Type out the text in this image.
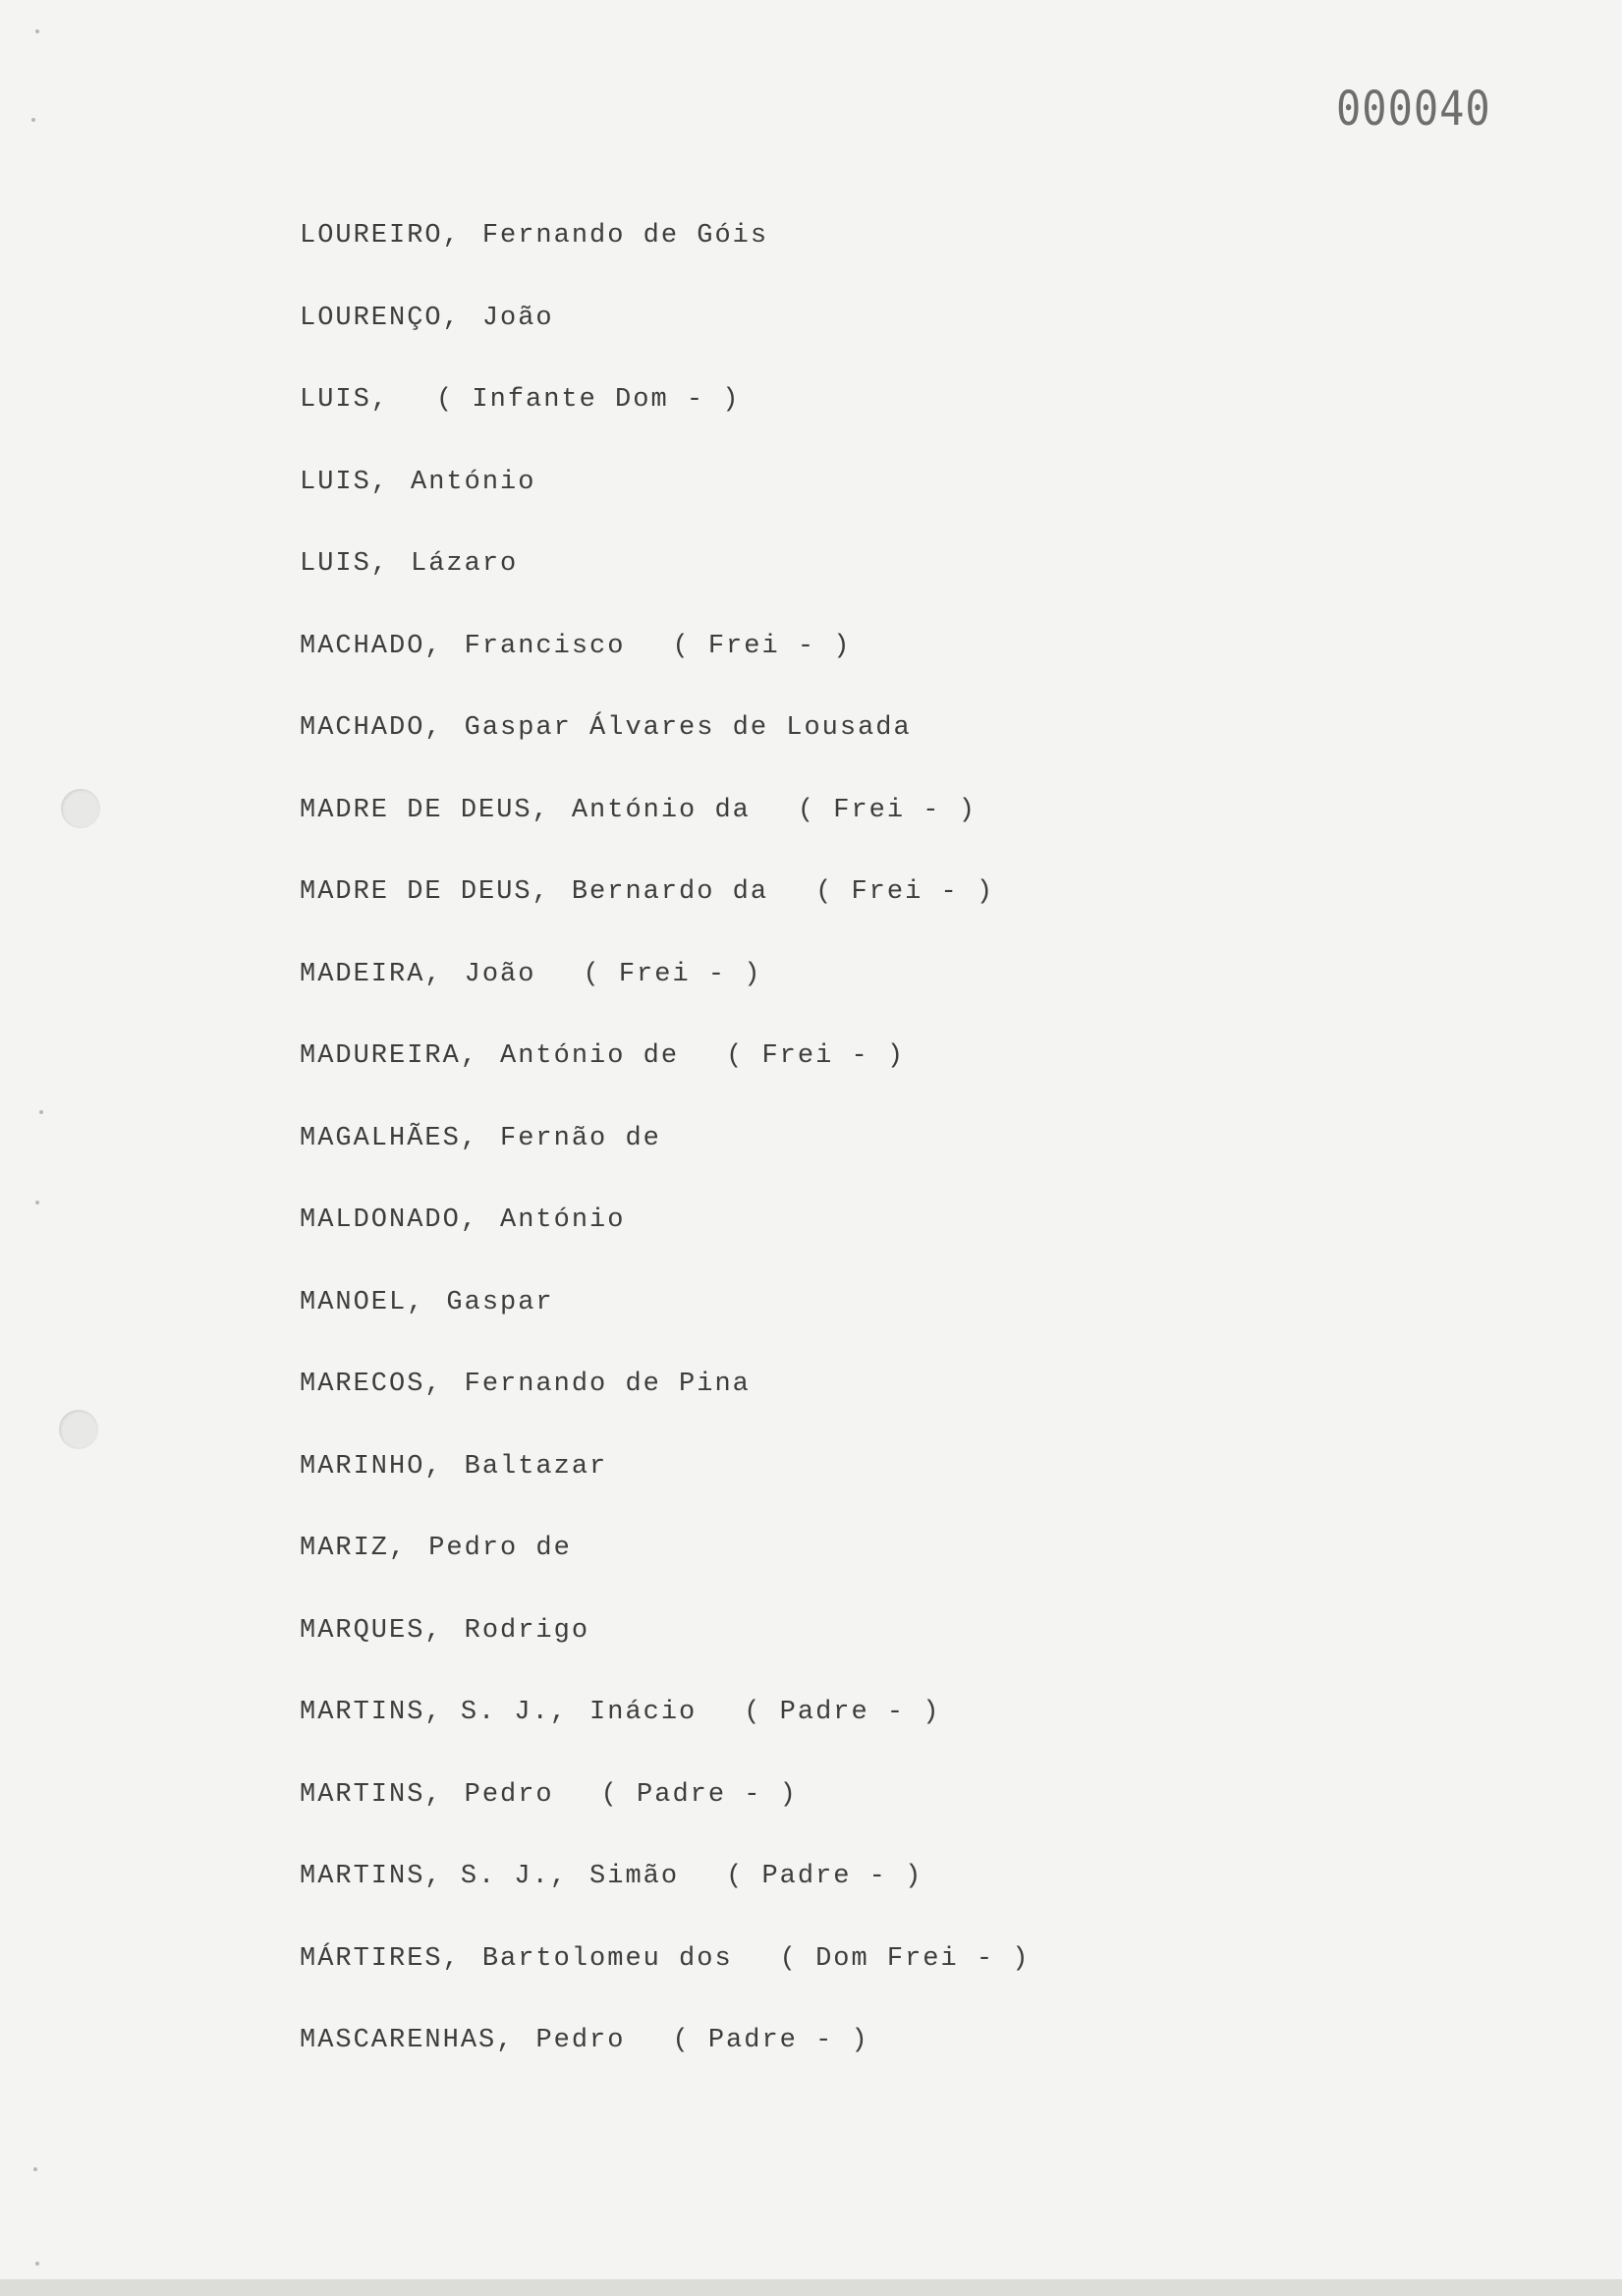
000040
LOUREIRO, Fernando de Góis
LOURENÇO, João
LUIS, ( Infante Dom - )
LUIS, António
LUIS, Lázaro
MACHADO, Francisco ( Frei - )
MACHADO, Gaspar Álvares de Lousada
MADRE DE DEUS, António da ( Frei - )
MADRE DE DEUS, Bernardo da ( Frei - )
MADEIRA, João ( Frei - )
MADUREIRA, António de ( Frei - )
MAGALHÃES, Fernão de
MALDONADO, António
MANOEL, Gaspar
MARECOS, Fernando de Pina
MARINHO, Baltazar
MARIZ, Pedro de
MARQUES, Rodrigo
MARTINS, S. J., Inácio ( Padre - )
MARTINS, Pedro ( Padre - )
MARTINS, S. J., Simão ( Padre - )
MÁRTIRES, Bartolomeu dos ( Dom Frei - )
MASCARENHAS, Pedro ( Padre - )
